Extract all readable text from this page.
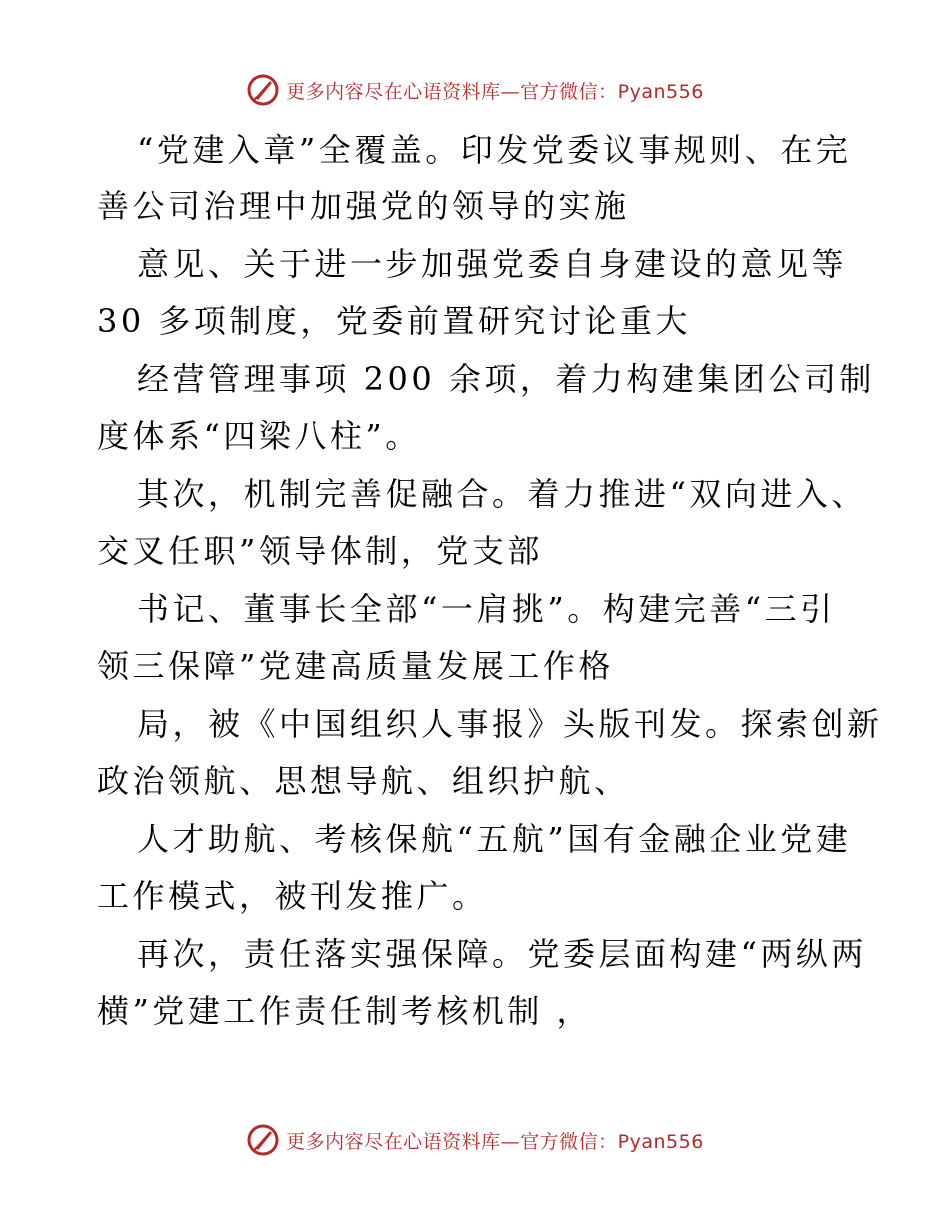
更多内容尽在心语资料库—官方微信：Pyan556
“党建入章”全覆盖。印发党委议事规则、在完
善公司治理中加强党的领导的实施
意见、关于进一步加强党委自身建设的意见等
30 多项制度，党委前置研究讨论重大
经营管理事项 200 余项，着力构建集团公司制
度体系“四梁八柱”。
其次，机制完善促融合。着力推进“双向进入、
交叉任职”领导体制，党支部
书记、董事长全部“一肩挑”。构建完善“三引
领三保障”党建高质量发展工作格
局，被《中国组织人事报》头版刊发。探索创新
政治领航、思想导航、组织护航、
人才助航、考核保航“五航”国有金融企业党建
工作模式，被刊发推广。
再次，责任落实强保障。党委层面构建“两纵两
横”党建工作责任制考核机制 ，
更多内容尽在心语资料库—官方微信：Pyan556
